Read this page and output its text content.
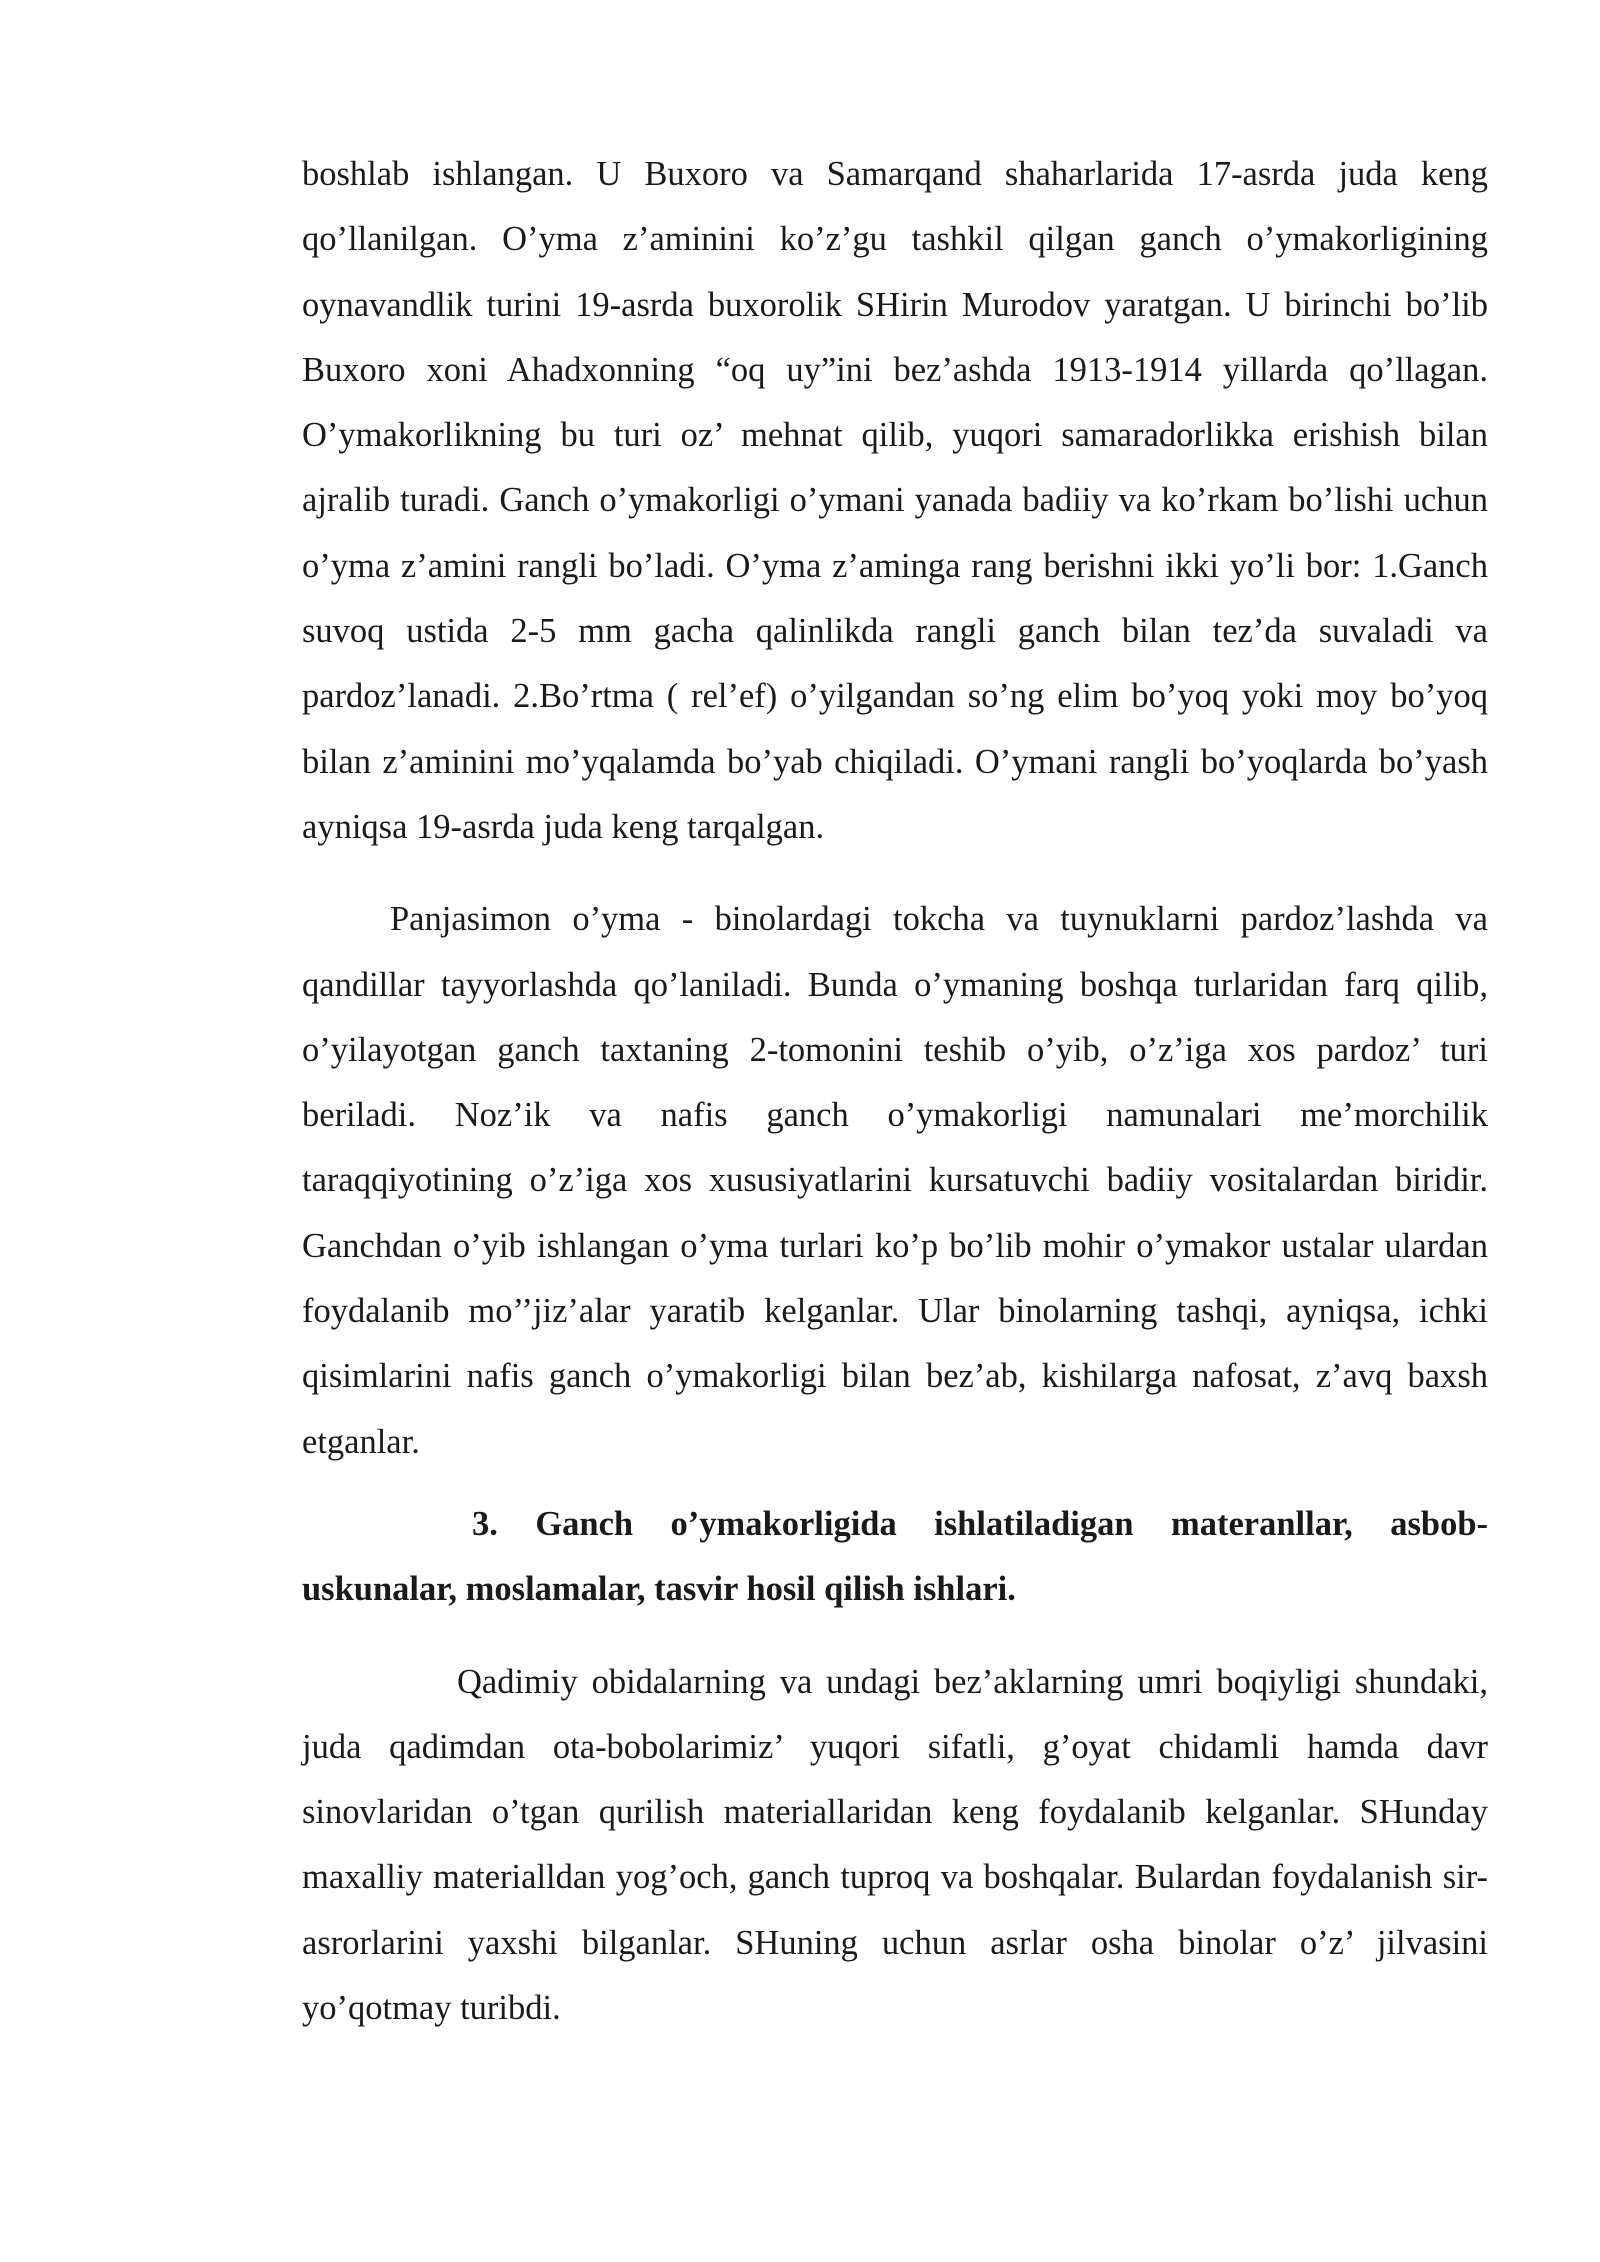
boshlab ishlangan. U Buxoro va Samarqand shaharlarida 17-asrda juda keng qo’llanilgan. O’yma z’aminini ko’z’gu tashkil qilgan ganch o’ymakorligining oynavandlik turini 19-asrda buxorolik SHirin Murodov yaratgan. U birinchi bo’lib Buxoro xoni Ahadxonning “oq uy”ini bez’ashda 1913-1914 yillarda qo’llagan. O’ymakorlikning bu turi oz’ mehnat qilib, yuqori samaradorlikka erishish bilan ajralib turadi. Ganch o’ymakorligi o’ymani yanada badiiy va ko’rkam bo’lishi uchun o’yma z’amini rangli bo’ladi. O’yma z’aminga rang berishni ikki yo’li bor: 1.Ganch suvoq ustida 2-5 mm gacha qalinlikda rangli ganch bilan tez’da suvaladi va pardoz’lanadi. 2.Bo’rtma ( rel’ef) o’yilgandan so’ng elim bo’yoq yoki moy bo’yoq bilan z’aminini mo’yqalamda bo’yab chiqiladi. O’ymani rangli bo’yoqlarda bo’yash ayniqsa 19-asrda juda keng tarqalgan.

Panjasimon o’yma - binolardagi tokcha va tuynuklarni pardoz’lashda va qandillar tayyorlashda qo’laniladi. Bunda o’ymaning boshqa turlaridan farq qilib, o’yilayotgan ganch taxtaning 2-tomonini teshib o’yib, o’z’iga xos pardoz’ turi beriladi. Noz’ik va nafis ganch o’ymakorligi namunalari me’morchilik taraqqiyotining o’z’iga xos xususiyatlarini kursatuvchi badiiy vositalardan biridir. Ganchdan o’yib ishlangan o’yma turlari ko’p bo’lib mohir o’ymakor ustalar ulardan foydalanib mo’’jiz’alar yaratib kelganlar. Ular binolarning tashqi, ayniqsa, ichki qisimlarini nafis ganch o’ymakorligi bilan bez’ab, kishilarga nafosat, z’avq baxsh etganlar.

3. Ganch o’ymakorligida ishlatiladigan materanllar, asbob-uskunalar, moslamalar, tasvir hosil qilish ishlari.

Qadimiy obidalarning va undagi bez’aklarning umri boqiyligi shundaki, juda qadimdan ota-bobolarimiz’ yuqori sifatli, g’oyat chidamli hamda davr sinovlaridan o’tgan qurilish materiallaridan keng foydalanib kelganlar. SHunday maxalliy materialldan yog’och, ganch tuproq va boshqalar. Bulardan foydalanish sir-asrorlarini yaxshi bilganlar. SHuning uchun asrlar osha binolar o’z’ jilvasini yo’qotmay turibdi.
